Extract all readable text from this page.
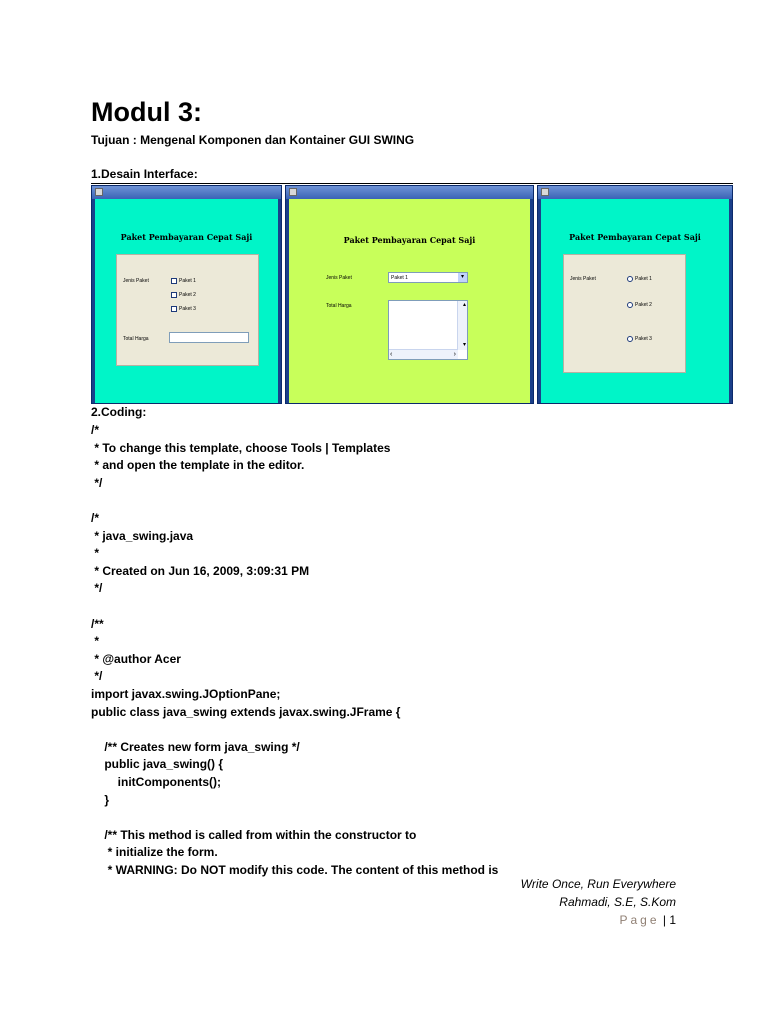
Modul 3:
Tujuan : Mengenal Komponen dan Kontainer GUI SWING
1.Desain Interface:
Paket Pembayaran Cepat Saji
Jenis Paket	Paket 1
Paket 2
Paket 3
Total Harga
Paket Pembayaran Cepat Saji
Jenis Paket	Paket 1	▾
Total Harga	▴
▾
‹	›
Paket Pembayaran Cepat Saji
Jenis Paket	Paket 1
Paket 2
Paket 3
2.Coding:
/*
* To change this template, choose Tools | Templates
* and open the template in the editor.
*/
/*
* java_swing.java
*
* Created on Jun 16, 2009, 3:09:31 PM
*/
/**
*
* @author Acer
*/
import javax.swing.JOptionPane;
public class java_swing extends javax.swing.JFrame {
/** Creates new form java_swing */
public java_swing() {
initComponents();
}
/** This method is called from within the constructor to
* initialize the form.
* WARNING: Do NOT modify this code. The content of this method is
Write Once, Run Everywhere
Rahmadi, S.E, S.Kom
Page | 1
